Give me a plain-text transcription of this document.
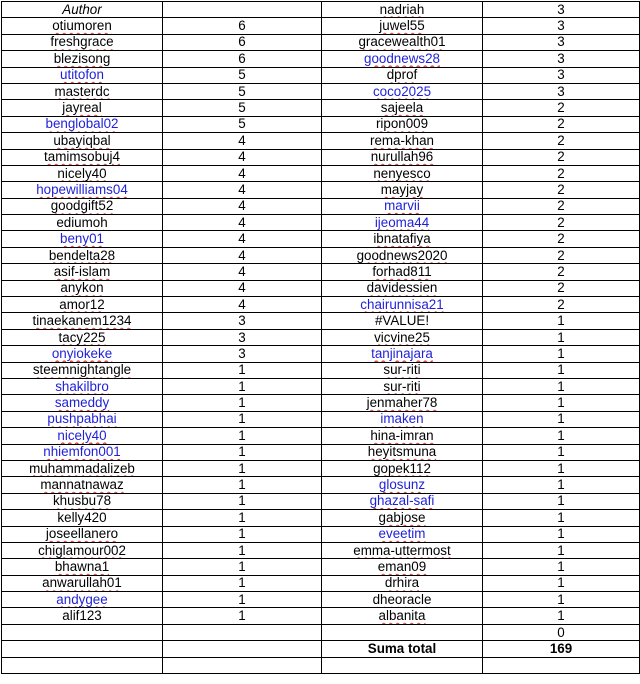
Author		nadriah	3
otiumoren	6	juwel55	3
freshgrace	6	gracewealth01	3
blezisong	6	goodnews28	3
utitofon	5	dprof	3
masterdc	5	coco2025	3
jayreal	5	sajeela	2
benglobal02	5	ripon009	2
ubayiqbal	4	rema-khan	2
tamimsobuj4	4	nurullah96	2
nicely40	4	nenyesco	2
hopewilliams04	4	mayjay	2
goodgift52	4	marvii	2
ediumoh	4	ijeoma44	2
beny01	4	ibnatafiya	2
bendelta28	4	goodnews2020	2
asif-islam	4	forhad811	2
anykon	4	davidessien	2
amor12	4	chairunnisa21	2
tinaekanem1234	3	#VALUE!	1
tacy225	3	vicvine25	1
onyiokeke	3	tanjinajara	1
steemnightangle	1	sur-riti	1
shakilbro	1	sur-riti	1
sameddy	1	jenmaher78	1
pushpabhai	1	imaken	1
nicely40	1	hina-imran	1
nhiemfon001	1	heyitsmuna	1
muhammadalizeb	1	gopek112	1
mannatnawaz	1	glosunz	1
khusbu78	1	ghazal-safi	1
kelly420	1	gabjose	1
joseellanero	1	eveetim	1
chiglamour002	1	emma-uttermost	1
bhawna1	1	eman09	1
anwarullah01	1	drhira	1
andygee	1	dheoracle	1
alif123	1	albanita	1
			0
		Suma total	169
